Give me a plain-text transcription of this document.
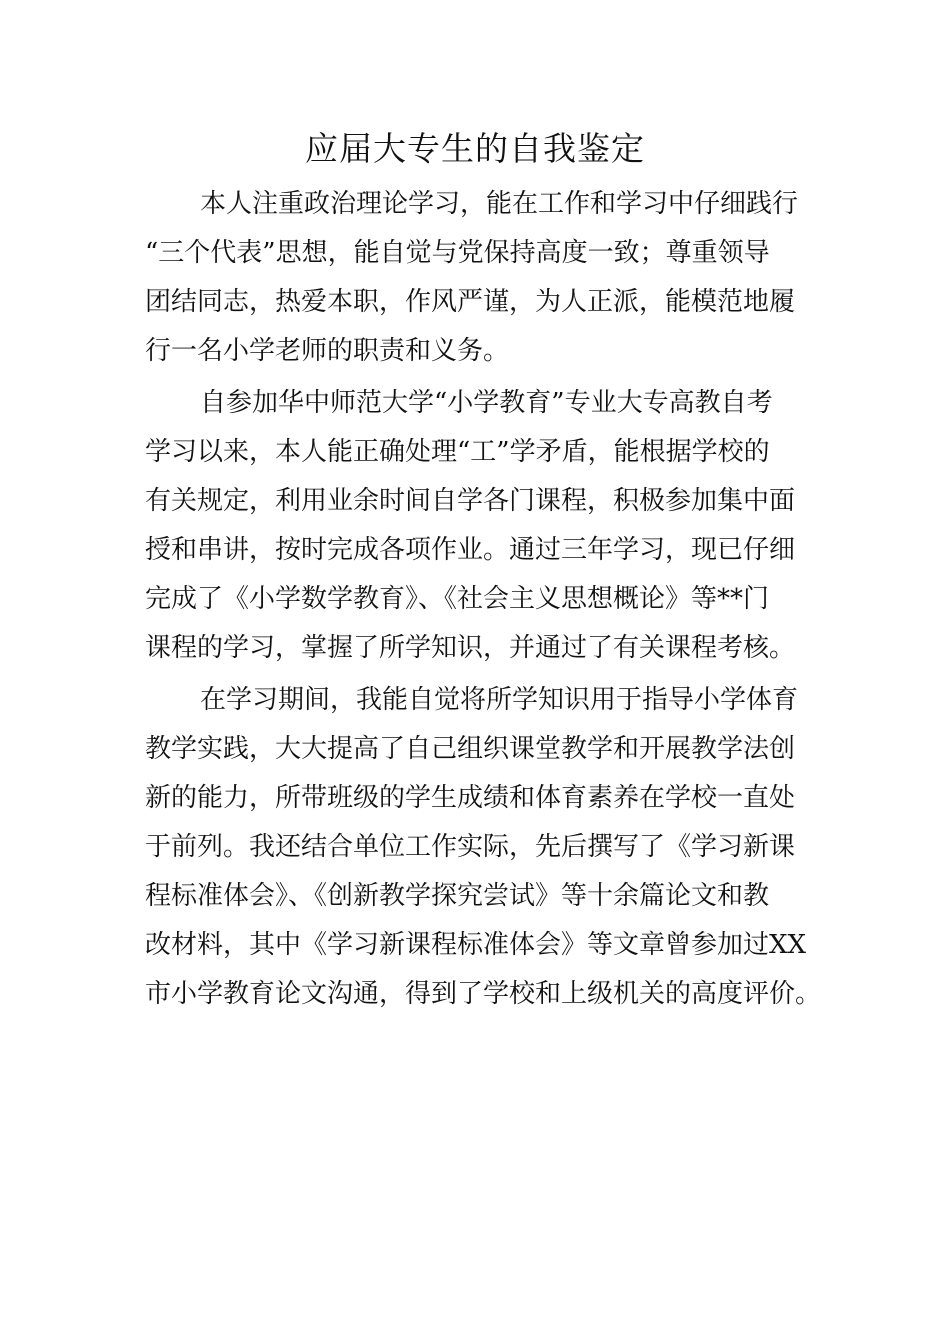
应届大专生的自我鉴定
本人注重政治理论学习，能在工作和学习中仔细践行
“三个代表”思想，能自觉与党保持高度一致；尊重领导
团结同志，热爱本职，作风严谨，为人正派，能模范地履
行一名小学老师的职责和义务。
自参加华中师范大学“小学教育”专业大专高教自考
学习以来，本人能正确处理“工”学矛盾，能根据学校的
有关规定，利用业余时间自学各门课程，积极参加集中面
授和串讲，按时完成各项作业。通过三年学习，现已仔细
完成了《小学数学教育》、《社会主义思想概论》等**门
课程的学习，掌握了所学知识，并通过了有关课程考核。
在学习期间，我能自觉将所学知识用于指导小学体育
教学实践，大大提高了自己组织课堂教学和开展教学法创
新的能力，所带班级的学生成绩和体育素养在学校一直处
于前列。我还结合单位工作实际，先后撰写了《学习新课
程标准体会》、《创新教学探究尝试》等十余篇论文和教
改材料，其中《学习新课程标准体会》等文章曾参加过XX
市小学教育论文沟通，得到了学校和上级机关的高度评价。
